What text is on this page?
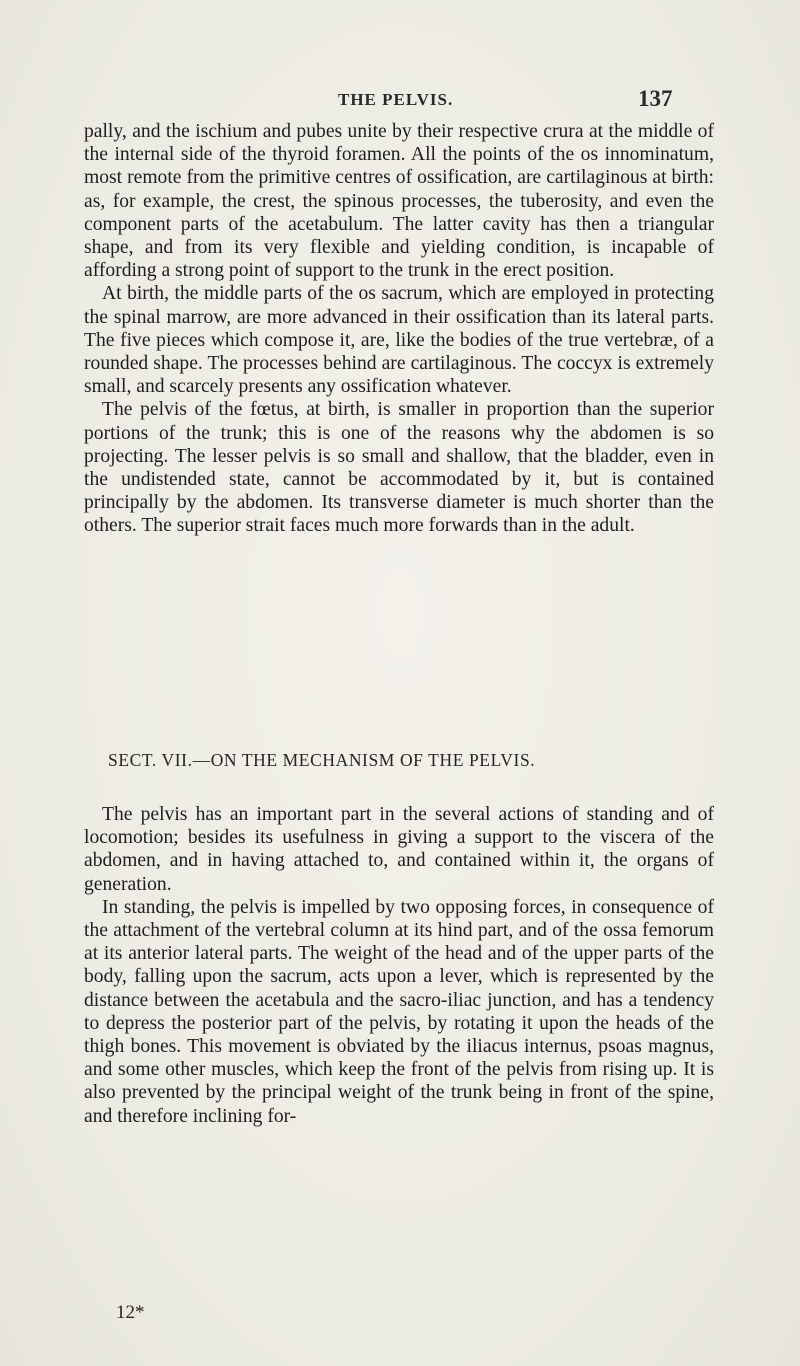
THE PELVIS.	137

pally, and the ischium and pubes unite by their respective crura at the middle of the internal side of the thyroid foramen. All the points of the os innominatum, most remote from the primitive centres of ossification, are cartilaginous at birth: as, for example, the crest, the spinous processes, the tuberosity, and even the component parts of the acetabulum. The latter cavity has then a triangular shape, and from its very flexible and yielding condition, is incapable of affording a strong point of support to the trunk in the erect position.

At birth, the middle parts of the os sacrum, which are employed in protecting the spinal marrow, are more advanced in their ossification than its lateral parts. The five pieces which compose it, are, like the bodies of the true vertebræ, of a rounded shape. The processes behind are cartilaginous. The coccyx is extremely small, and scarcely presents any ossification whatever.

The pelvis of the fœtus, at birth, is smaller in proportion than the superior portions of the trunk; this is one of the reasons why the abdomen is so projecting. The lesser pelvis is so small and shallow, that the bladder, even in the undistended state, cannot be accommodated by it, but is contained principally by the abdomen. Its transverse diameter is much shorter than the others. The superior strait faces much more forwards than in the adult.

SECT. VII.—ON THE MECHANISM OF THE PELVIS.

The pelvis has an important part in the several actions of standing and of locomotion; besides its usefulness in giving a support to the viscera of the abdomen, and in having attached to, and contained within it, the organs of generation.

In standing, the pelvis is impelled by two opposing forces, in consequence of the attachment of the vertebral column at its hind part, and of the ossa femorum at its anterior lateral parts. The weight of the head and of the upper parts of the body, falling upon the sacrum, acts upon a lever, which is represented by the distance between the acetabula and the sacro-iliac junction, and has a tendency to depress the posterior part of the pelvis, by rotating it upon the heads of the thigh bones. This movement is obviated by the iliacus internus, psoas magnus, and some other muscles, which keep the front of the pelvis from rising up. It is also prevented by the principal weight of the trunk being in front of the spine, and therefore inclining for-

12*
